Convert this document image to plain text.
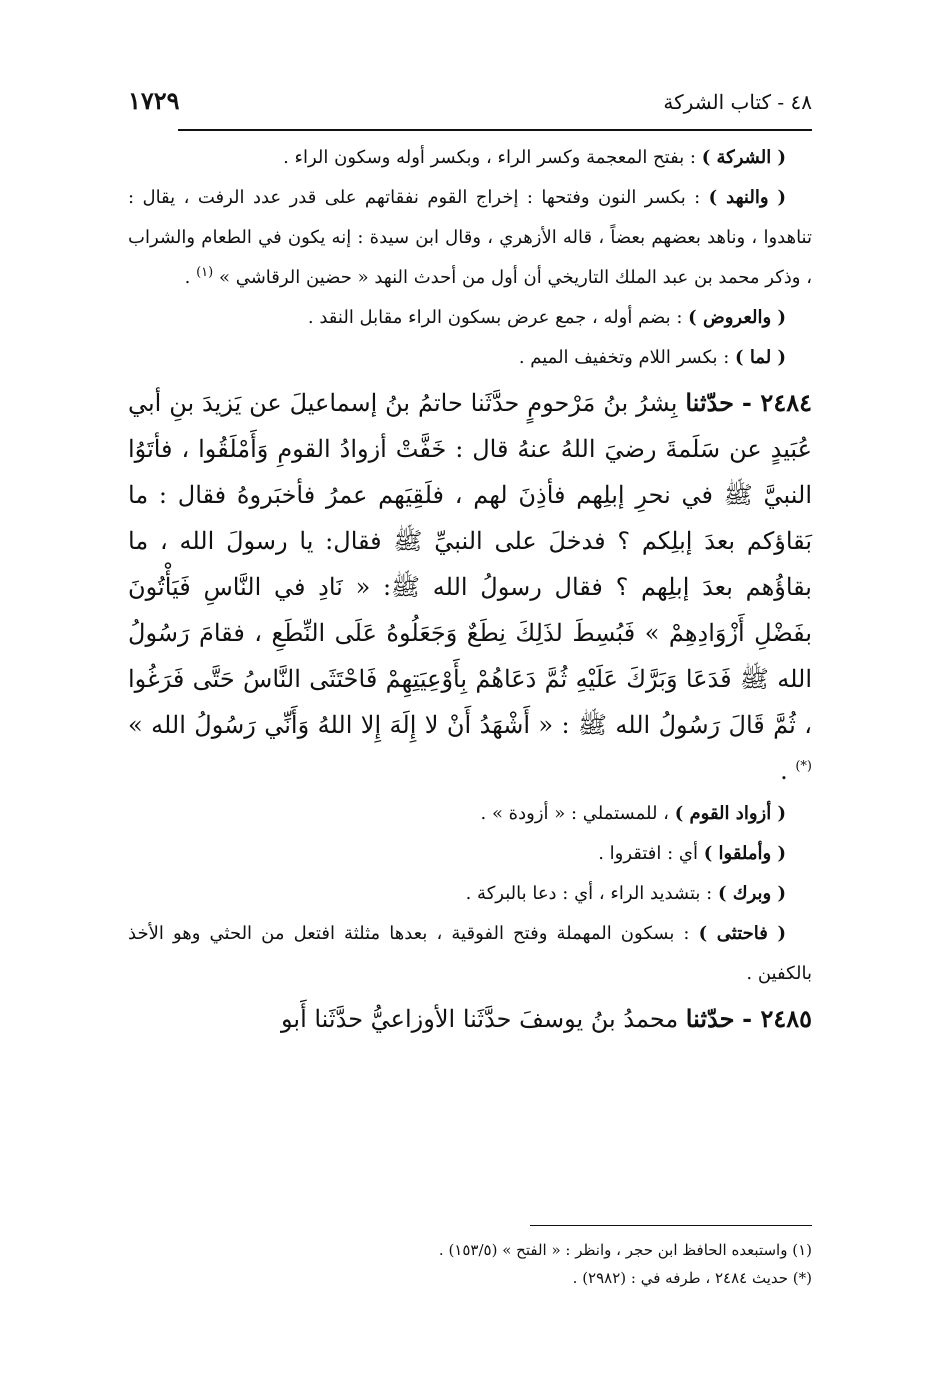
٤٨ - كتاب الشركة
١٧٢٩

( الشركة ) : بفتح المعجمة وكسر الراء ، وبكسر أوله وسكون الراء .

( والنهد ) : بكسر النون وفتحها : إخراج القوم نفقاتهم على قدر عدد الرفت ، يقال : تناهدوا ، وناهد بعضهم بعضاً ، قاله الأزهري ، وقال ابن سيدة : إنه يكون في الطعام والشراب ، وذكر محمد بن عبد الملك التاريخي أن أول من أحدث النهد « حضين الرقاشي » $^{(١)}$ .

( والعروض ) : بضم أوله ، جمع عرض بسكون الراء مقابل النقد .

( لما ) : بكسر اللام وتخفيف الميم .

٢٤٨٤ - حدّثنا بِشرُ بنُ مَرْحومٍ حدَّثَنا حاتمُ بنُ إسماعيلَ عن يَزيدَ بنِ أبي عُبَيدٍ عن سَلَمةَ رضيَ اللهُ عنهُ قال : خَفَّتْ أزوادُ القومِ وَأَمْلَقُوا ، فأتَوُا النبيَّ ﷺ في نحرِ إبلِهم فأذِنَ لهم ، فلَقِيَهم عمرُ فأخبَروهُ فقال : ما بَقاؤكم بعدَ إبلِكم ؟ فدخلَ على النبيِّ ﷺ فقال: يا رسولَ الله ، ما بقاؤُهم بعدَ إبلِهم ؟ فقال رسولُ الله ﷺ: « نَادِ في النَّاسِ فَيَأْتُونَ بفَضْلِ أَزْوَادِهِمْ » فَبُسِطَ لذَلِكَ نِطَعٌ وَجَعَلُوهُ عَلَى النِّطَعِ ، فقامَ رَسُولُ الله ﷺ فَدَعَا وَبَرَّكَ عَلَيْهِ ثُمَّ دَعَاهُمْ بِأَوْعِيَتِهِمْ فَاحْتَثَى النَّاسُ حَتَّى فَرَغُوا ، ثُمَّ قَالَ رَسُولُ الله ﷺ : « أَشْهَدُ أَنْ لا إِلَهَ إِلا اللهُ وَأَنِّي رَسُولُ الله » (*) .

( أزواد القوم ) ، للمستملي : « أزودة » .

( وأملقوا ) أي : افتقروا .

( وبرك ) : بتشديد الراء ، أي : دعا بالبركة .

( فاحتثى ) : بسكون المهملة وفتح الفوقية ، بعدها مثلثة افتعل من الحثي وهو الأخذ بالكفين .

٢٤٨٥ - حدّثنا محمدُ بنُ يوسفَ حدَّثَنا الأوزاعيُّ حدَّثَنا أَبو

(١) واستبعده الحافظ ابن حجر ، وانظر : « الفتح » (١٥٣/٥) .

(*) حديث ٢٤٨٤ ، طرفه في : (٢٩٨٢) .
